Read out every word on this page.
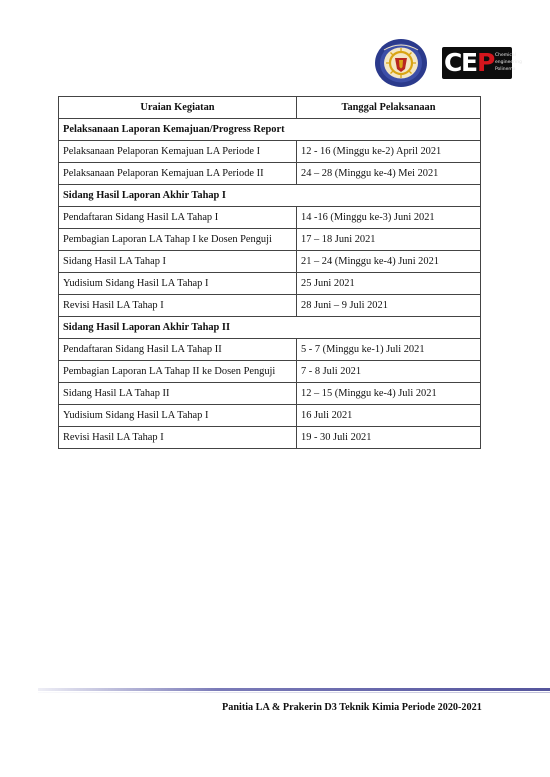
C
E
P Chemical
engineering
Polinema
Uraian Kegiatan	Tanggal Pelaksanaan
Pelaksanaan Laporan Kemajuan/Progress Report	
Pelaksanaan Pelaporan Kemajuan LA Periode I	12 - 16 (Minggu ke-2) April 2021
Pelaksanaan Pelaporan Kemajuan LA Periode II	24 – 28 (Minggu ke-4) Mei 2021
Sidang Hasil Laporan Akhir Tahap I	
Pendaftaran Sidang Hasil LA Tahap I	14 -16 (Minggu ke-3) Juni 2021
Pembagian Laporan LA Tahap I ke Dosen Penguji	17 – 18 Juni 2021
Sidang Hasil LA Tahap I	21 – 24 (Minggu ke-4) Juni 2021
Yudisium Sidang Hasil LA Tahap I	25 Juni 2021
Revisi Hasil LA Tahap I	28 Juni – 9 Juli 2021
Sidang Hasil Laporan Akhir Tahap II	
Pendaftaran Sidang Hasil LA Tahap II	5 - 7 (Minggu ke-1) Juli 2021
Pembagian Laporan LA Tahap II ke Dosen Penguji	7 - 8 Juli 2021
Sidang Hasil LA Tahap II	12 – 15 (Minggu ke-4) Juli 2021
Yudisium Sidang Hasil LA Tahap I	16 Juli 2021
Revisi Hasil LA Tahap I	19 - 30 Juli 2021
Panitia LA & Prakerin D3 Teknik Kimia Periode 2020-2021
